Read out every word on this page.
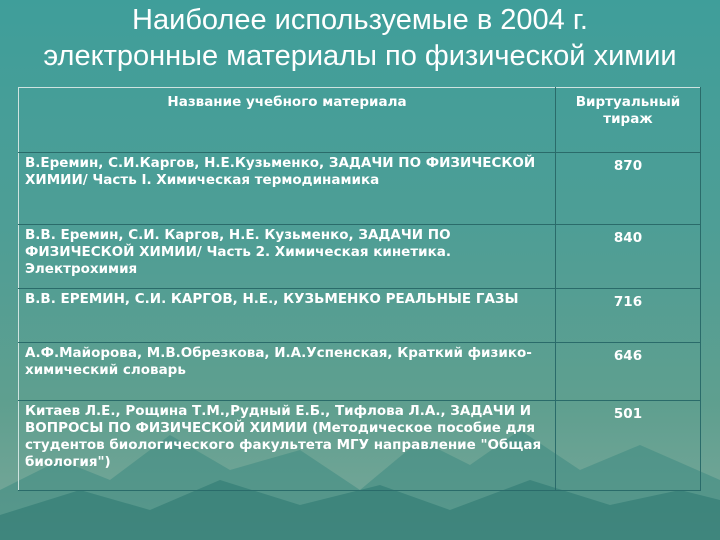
Наиболее используемые в 2004 г.
электронные материалы по физической химии
Название учебного материала	Виртуальный тираж
В.Еремин, С.И.Каргов, Н.Е.Кузьменко, ЗАДАЧИ ПО ФИЗИЧЕСКОЙ ХИМИИ/ Часть I. Химическая термодинамика	870
В.В. Еремин, С.И. Каргов, Н.Е. Кузьменко, ЗАДАЧИ ПО ФИЗИЧЕСКОЙ ХИМИИ/ Часть 2. Химическая кинетика. Электрохимия	840
В.В. ЕРЕМИН, С.И. КАРГОВ, Н.Е., КУЗЬМЕНКО РЕАЛЬНЫЕ ГАЗЫ	716
А.Ф.Майорова, М.В.Обрезкова, И.А.Успенская, Краткий физико-химический словарь	646
Китаев Л.Е., Рощина Т.М.,Рудный Е.Б., Тифлова Л.А., ЗАДАЧИ И ВОПРОСЫ ПО ФИЗИЧЕСКОЙ ХИМИИ (Методическое пособие для студентов биологического факультета МГУ направление "Общая биология")	501
